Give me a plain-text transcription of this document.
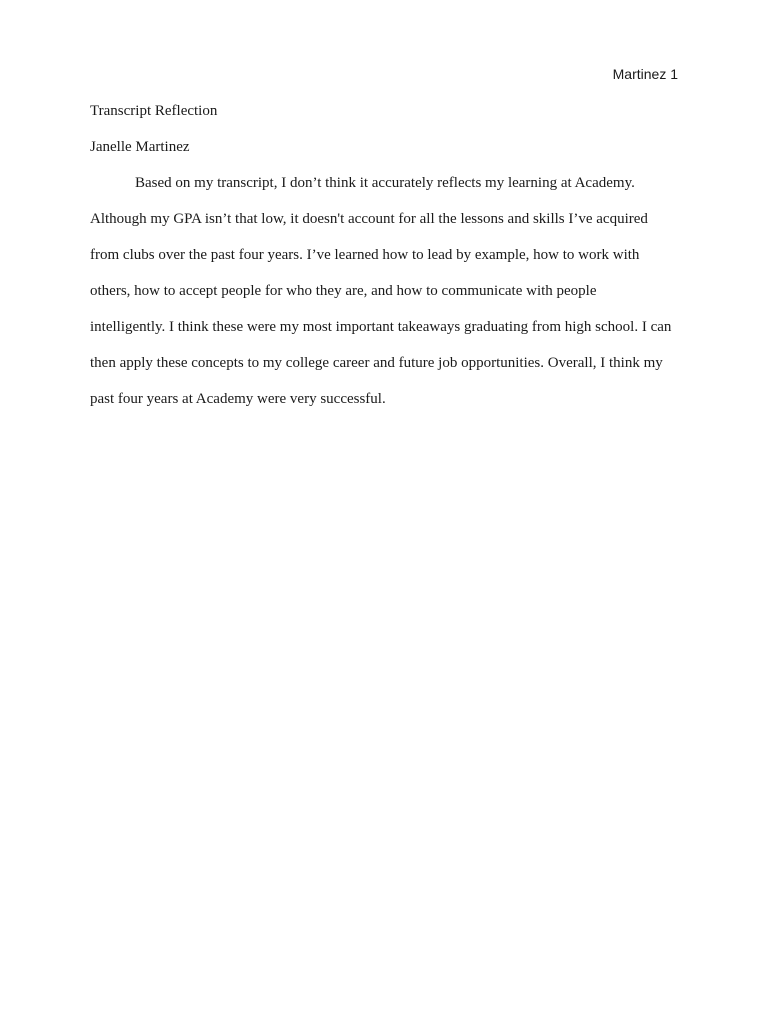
Martinez 1

Transcript Reflection

Janelle Martinez

Based on my transcript, I don’t think it accurately reflects my learning at Academy.
Although my GPA isn’t that low, it doesn't account for all the lessons and skills I’ve acquired
from clubs over the past four years. I’ve learned how to lead by example, how to work with
others, how to accept people for who they are, and how to communicate with people
intelligently. I think these were my most important takeaways graduating from high school. I can
then apply these concepts to my college career and future job opportunities. Overall, I think my
past four years at Academy were very successful.
